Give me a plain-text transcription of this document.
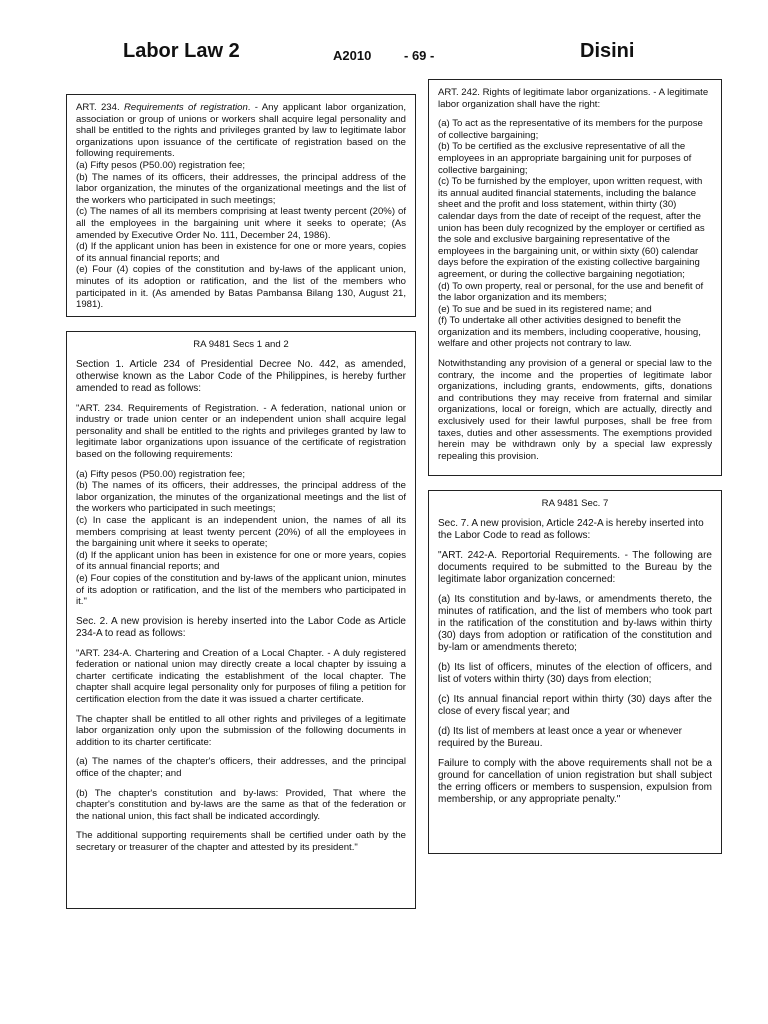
Labor Law 2	A2010	- 69 -	Disini

ART. 234. Requirements of registration. - Any applicant labor organization, association or group of unions or workers shall acquire legal personality and shall be entitled to the rights and privileges granted by law to legitimate labor organizations upon issuance of the certificate of registration based on the following requirements.

(a) Fifty pesos (P50.00) registration fee;

(b) The names of its officers, their addresses, the principal address of the labor organization, the minutes of the organizational meetings and the list of the workers who participated in such meetings;

(c) The names of all its members comprising at least twenty percent (20%) of all the employees in the bargaining unit where it seeks to operate; (As amended by Executive Order No. 111, December 24, 1986).

(d) If the applicant union has been in existence for one or more years, copies of its annual financial reports; and

(e) Four (4) copies of the constitution and by-laws of the applicant union, minutes of its adoption or ratification, and the list of the members who participated in it. (As amended by Batas Pambansa Bilang 130, August 21, 1981).

RA 9481 Secs 1 and 2

Section 1. Article 234 of Presidential Decree No. 442, as amended, otherwise known as the Labor Code of the Philippines, is hereby further amended to read as follows:

"ART. 234. Requirements of Registration. - A federation, national union or industry or trade union center or an independent union shall acquire legal personality and shall be entitled to the rights and privileges granted by law to legitimate labor organizations upon issuance of the certificate of registration based on the following requirements:

(a) Fifty pesos (P50.00) registration fee;

(b) The names of its officers, their addresses, the principal address of the labor organization, the minutes of the organizational meetings and the list of the workers who participated in such meetings;

(c) In case the applicant is an independent union, the names of all its members comprising at least twenty percent (20%) of all the employees in the bargaining unit where it seeks to operate;

(d) If the applicant union has been in existence for one or more years, copies of its annual financial reports; and

(e) Four copies of the constitution and by-laws of the applicant union, minutes of its adoption or ratification, and the list of the members who participated in it."

Sec. 2. A new provision is hereby inserted into the Labor Code as Article 234-A to read as follows:

"ART. 234-A. Chartering and Creation of a Local Chapter. - A duly registered federation or national union may directly create a local chapter by issuing a charter certificate indicating the establishment of the local chapter. The chapter shall acquire legal personality only for purposes of filing a petition for certification election from the date it was issued a charter certificate.

The chapter shall be entitled to all other rights and privileges of a legitimate labor organization only upon the submission of the following documents in addition to its charter certificate:

(a) The names of the chapter's officers, their addresses, and the principal office of the chapter; and

(b) The chapter's constitution and by-laws: Provided, That where the chapter's constitution and by-laws are the same as that of the federation or the national union, this fact shall be indicated accordingly.

The additional supporting requirements shall be certified under oath by the secretary or treasurer of the chapter and attested by its president."

ART. 242. Rights of legitimate labor organizations. - A legitimate labor organization shall have the right:

(a) To act as the representative of its members for the purpose of collective bargaining;

(b) To be certified as the exclusive representative of all the employees in an appropriate bargaining unit for purposes of collective bargaining;

(c) To be furnished by the employer, upon written request, with its annual audited financial statements, including the balance sheet and the profit and loss statement, within thirty (30) calendar days from the date of receipt of the request, after the union has been duly recognized by the employer or certified as the sole and exclusive bargaining representative of the employees in the bargaining unit, or within sixty (60) calendar days before the expiration of the existing collective bargaining agreement, or during the collective bargaining negotiation;

(d) To own property, real or personal, for the use and benefit of the labor organization and its members;

(e) To sue and be sued in its registered name; and

(f) To undertake all other activities designed to benefit the organization and its members, including cooperative, housing, welfare and other projects not contrary to law.

Notwithstanding any provision of a general or special law to the contrary, the income and the properties of legitimate labor organizations, including grants, endowments, gifts, donations and contributions they may receive from fraternal and similar organizations, local or foreign, which are actually, directly and exclusively used for their lawful purposes, shall be free from taxes, duties and other assessments. The exemptions provided herein may be withdrawn only by a special law expressly repealing this provision.

RA 9481 Sec. 7

Sec. 7. A new provision, Article 242-A is hereby inserted into the Labor Code to read as follows:

"ART. 242-A. Reportorial Requirements. - The following are documents required to be submitted to the Bureau by the legitimate labor organization concerned:

(a) Its constitution and by-laws, or amendments thereto, the minutes of ratification, and the list of members who took part in the ratification of the constitution and by-laws within thirty (30) days from adoption or ratification of the constitution and by-lam or amendments thereto;

(b) Its list of officers, minutes of the election of officers, and list of voters within thirty (30) days from election;

(c) Its annual financial report within thirty (30) days after the close of every fiscal year; and

(d) Its list of members at least once a year or whenever required by the Bureau.

Failure to comply with the above requirements shall not be a ground for cancellation of union registration but shall subject the erring officers or members to suspension, expulsion from membership, or any appropriate penalty."
